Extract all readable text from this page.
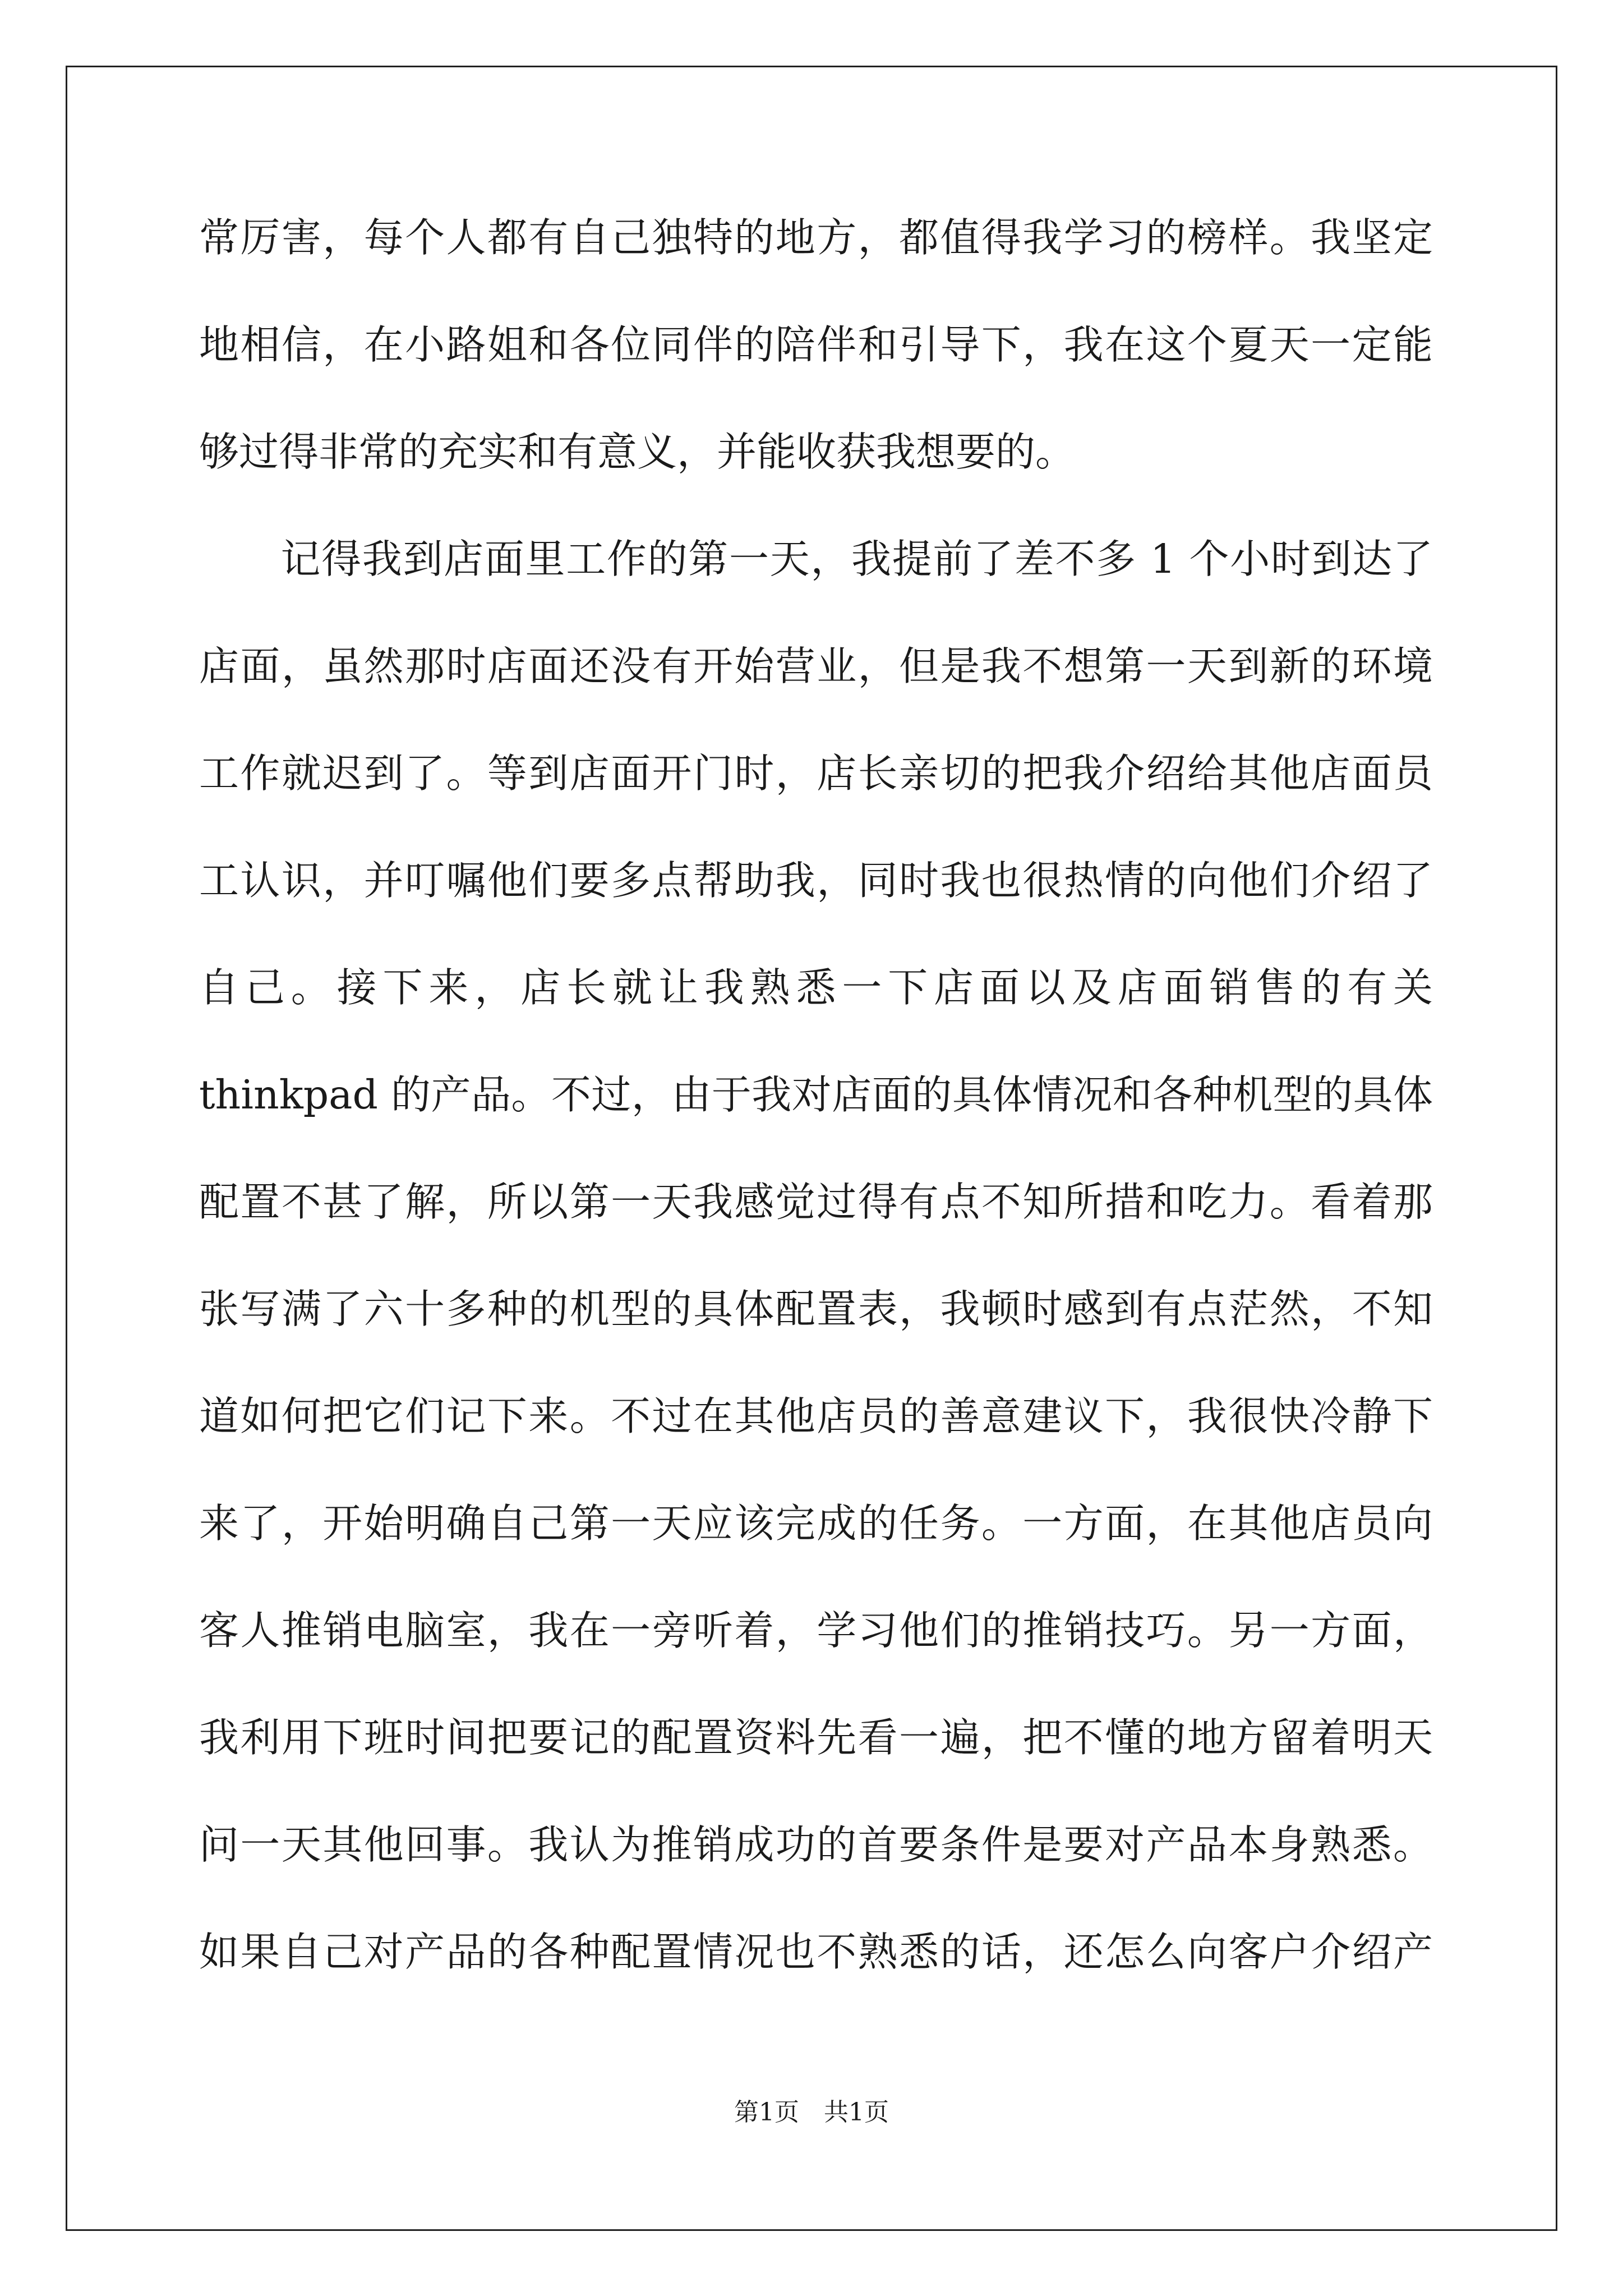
常厉害，每个人都有自己独特的地方，都值得我学习的榜样。我坚定
地相信，在小路姐和各位同伴的陪伴和引导下，我在这个夏天一定能
够过得非常的充实和有意义，并能收获我想要的。
　　记得我到店面里工作的第一天，我提前了差不多 1 个小时到达了
店面，虽然那时店面还没有开始营业，但是我不想第一天到新的环境
工作就迟到了。等到店面开门时，店长亲切的把我介绍给其他店面员
工认识，并叮嘱他们要多点帮助我，同时我也很热情的向他们介绍了
自己。接下来，店长就让我熟悉一下店面以及店面销售的有关
thinkpad 的产品。不过，由于我对店面的具体情况和各种机型的具体
配置不甚了解，所以第一天我感觉过得有点不知所措和吃力。看着那
张写满了六十多种的机型的具体配置表，我顿时感到有点茫然，不知
道如何把它们记下来。不过在其他店员的善意建议下，我很快冷静下
来了，开始明确自己第一天应该完成的任务。一方面，在其他店员向
客人推销电脑室，我在一旁听着，学习他们的推销技巧。另一方面，
我利用下班时间把要记的配置资料先看一遍，把不懂的地方留着明天
问一天其他回事。我认为推销成功的首要条件是要对产品本身熟悉。
如果自己对产品的各种配置情况也不熟悉的话，还怎么向客户介绍产
第1页　共1页
